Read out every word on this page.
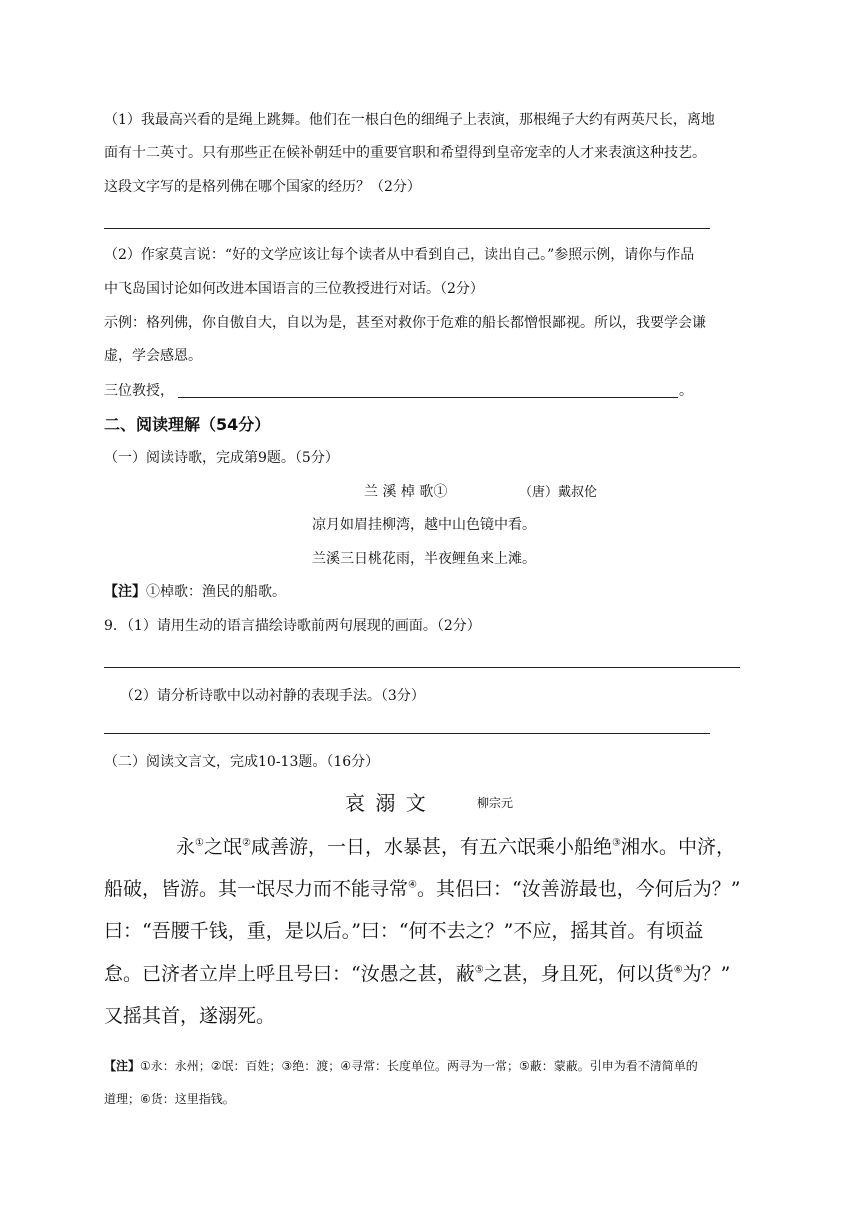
（1）我最高兴看的是绳上跳舞。他们在一根白色的细绳子上表演，那根绳子大约有两英尺长，离地
面有十二英寸。只有那些正在候补朝廷中的重要官职和希望得到皇帝宠幸的人才来表演这种技艺。
这段文字写的是格列佛在哪个国家的经历？（2分）
（2）作家莫言说：“好的文学应该让每个读者从中看到自己，读出自己。”参照示例，请你与作品
中飞岛国讨论如何改进本国语言的三位教授进行对话。（2分）
示例：格列佛，你自傲自大，自以为是，甚至对救你于危难的船长都憎恨鄙视。所以，我要学会谦
虚，学会感恩。
三位教授，	。
二、阅读理解（54分）
（一）阅读诗歌，完成第9题。（5分）
兰 溪 棹 歌①	（唐）戴叔伦
凉月如眉挂柳湾，越中山色镜中看。
兰溪三日桃花雨，半夜鲤鱼来上滩。
【注】①棹歌：渔民的船歌。
9．（1）请用生动的语言描绘诗歌前两句展现的画面。（2分）
（2）请分析诗歌中以动衬静的表现手法。（3分）
（二）阅读文言文，完成10-13题。（16分）
哀 溺 文	柳宗元
永①之氓②咸善游，一日，水暴甚，有五六氓乘小船绝③湘水。中济，
船破，皆游。其一氓尽力而不能寻常④。其侣曰：“汝善游最也，今何后为？”
曰：“吾腰千钱，重，是以后。”曰：“何不去之？”不应，摇其首。有顷益
怠。已济者立岸上呼且号曰：“汝愚之甚，蔽⑤之甚，身且死，何以货⑥为？”
又摇其首，遂溺死。
【注】①永：永州；②氓：百姓；③绝：渡；④寻常：长度单位。两寻为一常；⑤蔽：蒙蔽。引申为看不清简单的
道理；⑥货：这里指钱。
